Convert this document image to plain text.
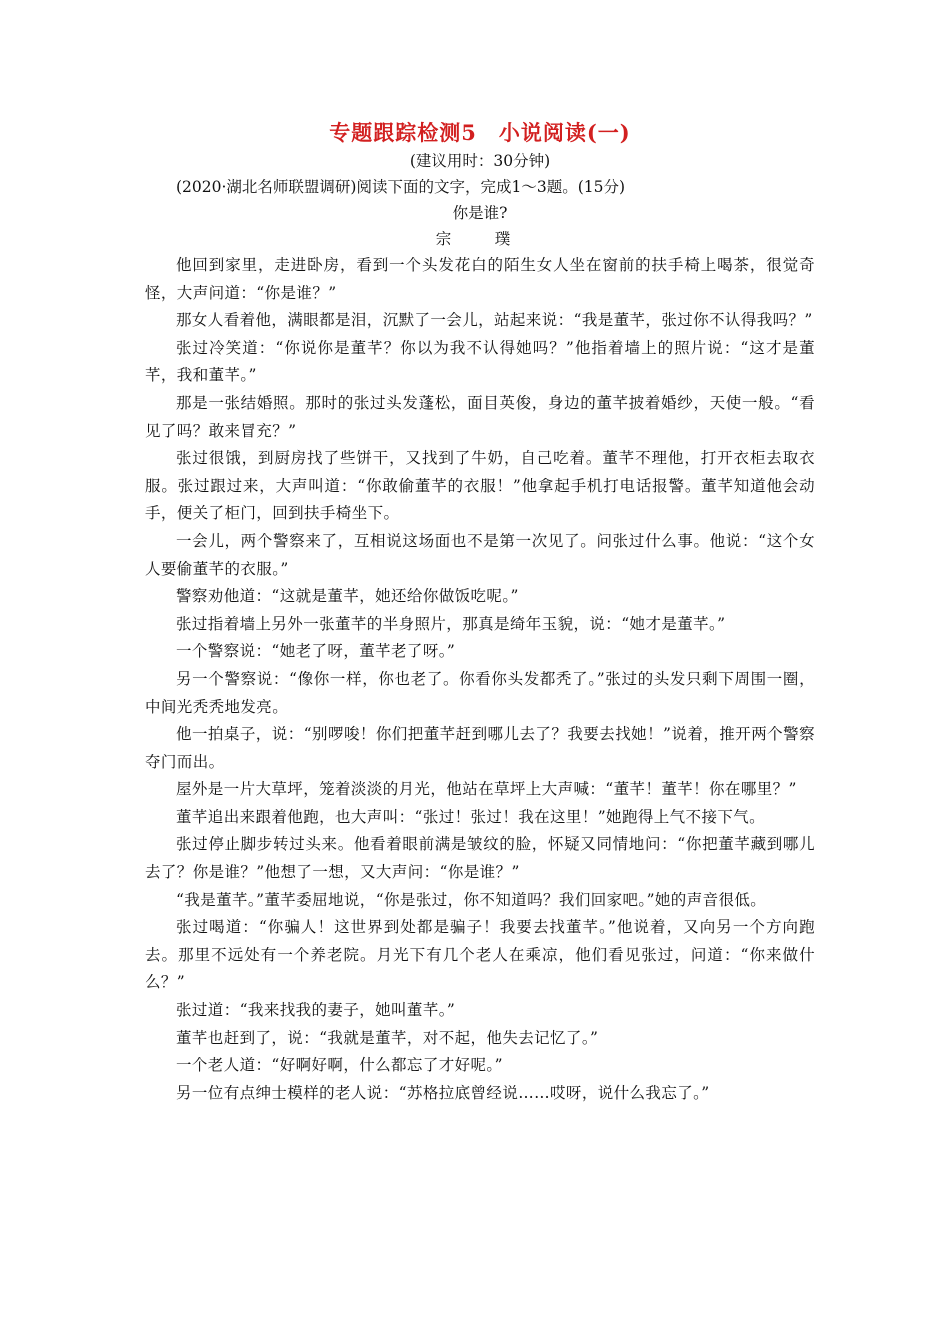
专题跟踪检测5　小说阅读(一)

(建议用时：30分钟)

(2020·湖北名师联盟调研)阅读下面的文字，完成1～3题。(15分)

你是谁?

宗　璞

他回到家里，走进卧房，看到一个头发花白的陌生女人坐在窗前的扶手椅上喝茶，很觉奇怪，大声问道：“你是谁？”

那女人看着他，满眼都是泪，沉默了一会儿，站起来说：“我是董芊，张过你不认得我吗？”

张过冷笑道：“你说你是董芊？你以为我不认得她吗？”他指着墙上的照片说：“这才是董芊，我和董芊。”

那是一张结婚照。那时的张过头发蓬松，面目英俊，身边的董芊披着婚纱，天使一般。“看见了吗？敢来冒充？”

张过很饿，到厨房找了些饼干，又找到了牛奶，自己吃着。董芊不理他，打开衣柜去取衣服。张过跟过来，大声叫道：“你敢偷董芊的衣服！”他拿起手机打电话报警。董芊知道他会动手，便关了柜门，回到扶手椅坐下。

一会儿，两个警察来了，互相说这场面也不是第一次见了。问张过什么事。他说：“这个女人要偷董芊的衣服。”

警察劝他道：“这就是董芊，她还给你做饭吃呢。”

张过指着墙上另外一张董芊的半身照片，那真是绮年玉貌，说：“她才是董芊。”

一个警察说：“她老了呀，董芊老了呀。”

另一个警察说：“像你一样，你也老了。你看你头发都秃了。”张过的头发只剩下周围一圈，中间光秃秃地发亮。

他一拍桌子，说：“别啰唆！你们把董芊赶到哪儿去了？我要去找她！”说着，推开两个警察夺门而出。

屋外是一片大草坪，笼着淡淡的月光，他站在草坪上大声喊：“董芊！董芊！你在哪里？”

董芊追出来跟着他跑，也大声叫：“张过！张过！我在这里！”她跑得上气不接下气。

张过停止脚步转过头来。他看着眼前满是皱纹的脸，怀疑又同情地问：“你把董芊藏到哪儿去了？你是谁？”他想了一想，又大声问：“你是谁？”

“我是董芊。”董芊委屈地说，“你是张过，你不知道吗？我们回家吧。”她的声音很低。

张过喝道：“你骗人！这世界到处都是骗子！我要去找董芊。”他说着，又向另一个方向跑去。那里不远处有一个养老院。月光下有几个老人在乘凉，他们看见张过，问道：“你来做什么？”

张过道：“我来找我的妻子，她叫董芊。”

董芊也赶到了，说：“我就是董芊，对不起，他失去记忆了。”

一个老人道：“好啊好啊，什么都忘了才好呢。”

另一位有点绅士模样的老人说：“苏格拉底曾经说……哎呀，说什么我忘了。”
